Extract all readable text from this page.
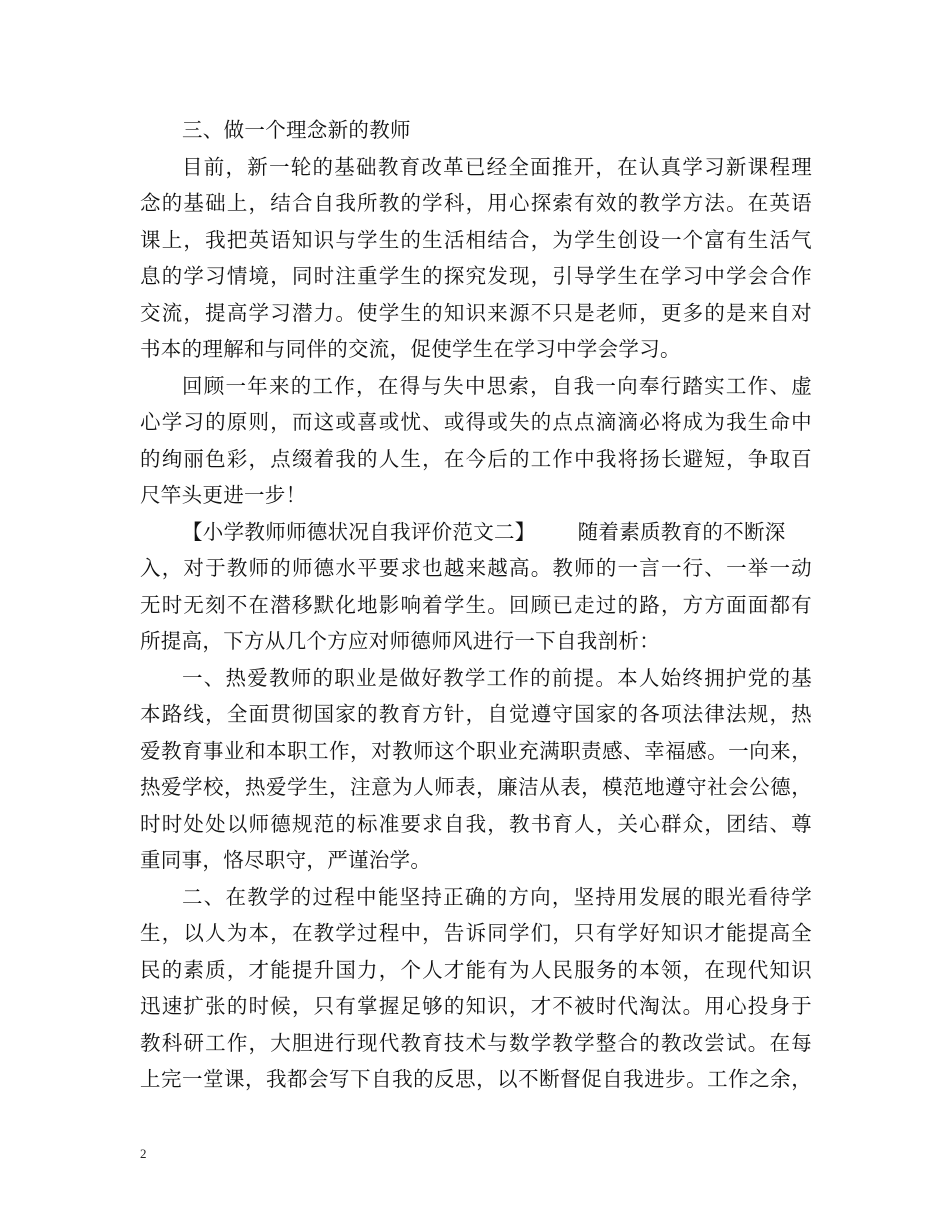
三、做一个理念新的教师
目前，新一轮的基础教育改革已经全面推开，在认真学习新课程理
念的基础上，结合自我所教的学科，用心探索有效的教学方法。在英语
课上，我把英语知识与学生的生活相结合，为学生创设一个富有生活气
息的学习情境，同时注重学生的探究发现，引导学生在学习中学会合作
交流，提高学习潜力。使学生的知识来源不只是老师，更多的是来自对
书本的理解和与同伴的交流，促使学生在学习中学会学习。
回顾一年来的工作，在得与失中思索，自我一向奉行踏实工作、虚
心学习的原则，而这或喜或忧、或得或失的点点滴滴必将成为我生命中
的绚丽色彩，点缀着我的人生，在今后的工作中我将扬长避短，争取百
尺竿头更进一步！
【小学教师师德状况自我评价范文二】 随着素质教育的不断深
入，对于教师的师德水平要求也越来越高。教师的一言一行、一举一动
无时无刻不在潜移默化地影响着学生。回顾已走过的路，方方面面都有
所提高，下方从几个方应对师德师风进行一下自我剖析：
一、热爱教师的职业是做好教学工作的前提。本人始终拥护党的基
本路线，全面贯彻国家的教育方针，自觉遵守国家的各项法律法规，热
爱教育事业和本职工作，对教师这个职业充满职责感、幸福感。一向来，
热爱学校，热爱学生，注意为人师表，廉洁从表，模范地遵守社会公德，
时时处处以师德规范的标准要求自我，教书育人，关心群众，团结、尊
重同事，恪尽职守，严谨治学。
二、在教学的过程中能坚持正确的方向，坚持用发展的眼光看待学
生，以人为本，在教学过程中，告诉同学们，只有学好知识才能提高全
民的素质，才能提升国力，个人才能有为人民服务的本领，在现代知识
迅速扩张的时候，只有掌握足够的知识，才不被时代淘汰。用心投身于
教科研工作，大胆进行现代教育技术与数学教学整合的教改尝试。在每
上完一堂课，我都会写下自我的反思，以不断督促自我进步。工作之余，
2
